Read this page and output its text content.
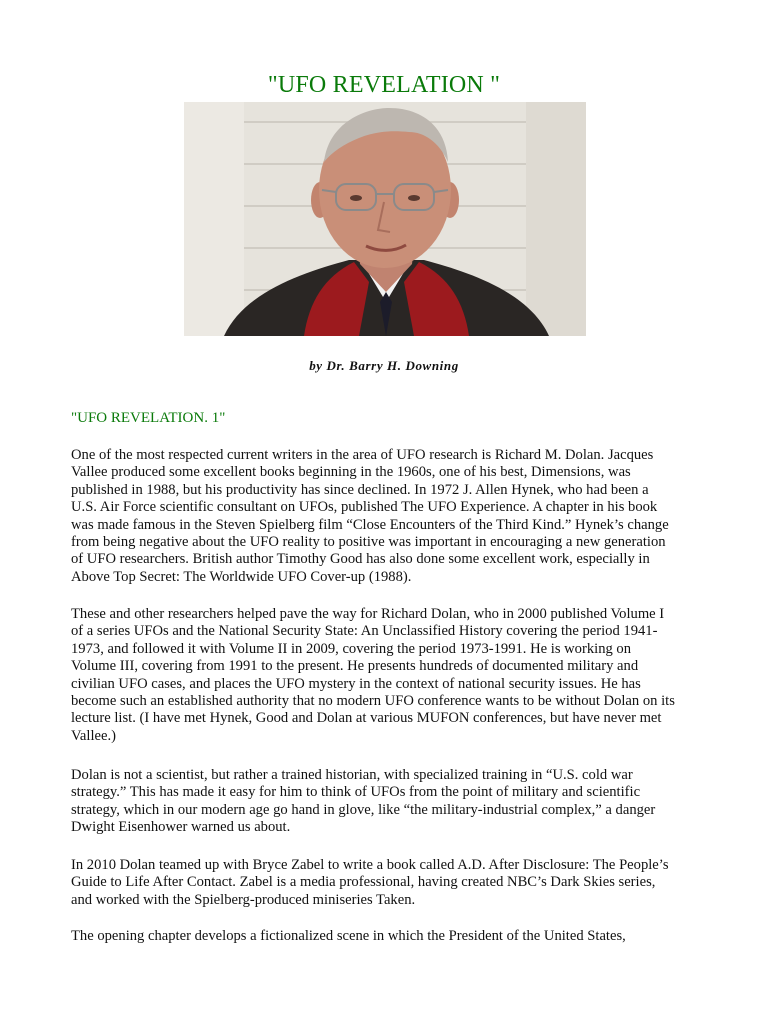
"UFO REVELATION "
by Dr. Barry H. Downing
"UFO REVELATION. 1"

One of the most respected current writers in the area of UFO research is Richard M. Dolan. Jacques
Vallee produced some excellent books beginning in the 1960s, one of his best, Dimensions, was
published in 1988, but his productivity has since declined. In 1972 J. Allen Hynek, who had been a
U.S. Air Force scientific consultant on UFOs, published The UFO Experience. A chapter in his book
was made famous in the Steven Spielberg film “Close Encounters of the Third Kind.” Hynek’s change
from being negative about the UFO reality to positive was important in encouraging a new generation
of UFO researchers. British author Timothy Good has also done some excellent work, especially in
Above Top Secret: The Worldwide UFO Cover-up (1988).

These and other researchers helped pave the way for Richard Dolan, who in 2000 published Volume I
of a series UFOs and the National Security State: An Unclassified History covering the period 1941-
1973, and followed it with Volume II in 2009, covering the period 1973-1991. He is working on
Volume III, covering from 1991 to the present. He presents hundreds of documented military and
civilian UFO cases, and places the UFO mystery in the context of national security issues. He has
become such an established authority that no modern UFO conference wants to be without Dolan on its
lecture list. (I have met Hynek, Good and Dolan at various MUFON conferences, but have never met
Vallee.)

Dolan is not a scientist, but rather a trained historian, with specialized training in “U.S. cold war
strategy.” This has made it easy for him to think of UFOs from the point of military and scientific
strategy, which in our modern age go hand in glove, like “the military-industrial complex,” a danger
Dwight Eisenhower warned us about.

In 2010 Dolan teamed up with Bryce Zabel to write a book called A.D. After Disclosure: The People’s
Guide to Life After Contact. Zabel is a media professional, having created NBC’s Dark Skies series,
and worked with the Spielberg-produced miniseries Taken.

The opening chapter develops a fictionalized scene in which the President of the United States,
